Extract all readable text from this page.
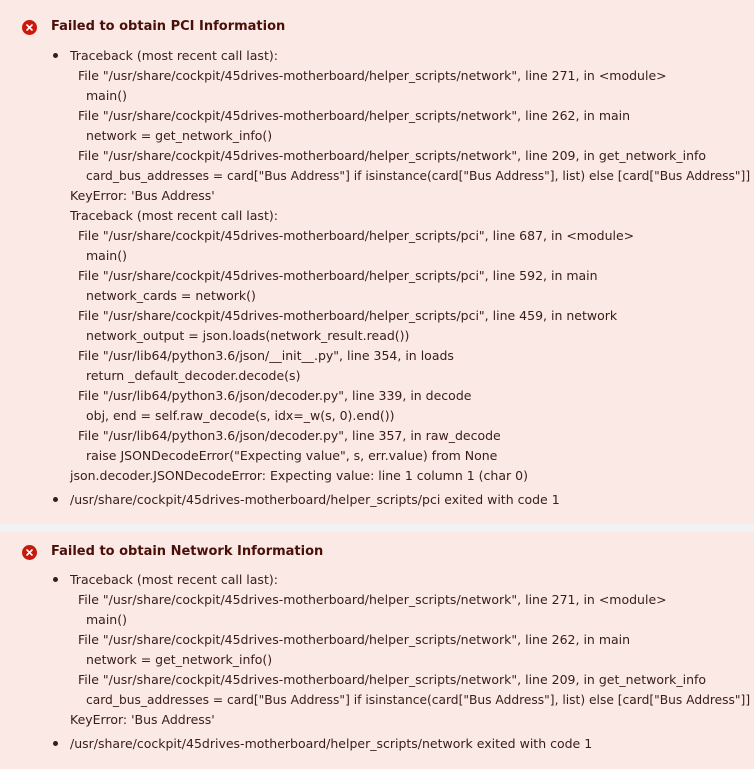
Failed to obtain PCI Information
Traceback (most recent call last):
File "/usr/share/cockpit/45drives-motherboard/helper_scripts/network", line 271, in <module>
main()
File "/usr/share/cockpit/45drives-motherboard/helper_scripts/network", line 262, in main
network = get_network_info()
File "/usr/share/cockpit/45drives-motherboard/helper_scripts/network", line 209, in get_network_info
card_bus_addresses = card["Bus Address"] if isinstance(card["Bus Address"], list) else [card["Bus Address"]]
KeyError: 'Bus Address'
Traceback (most recent call last):
File "/usr/share/cockpit/45drives-motherboard/helper_scripts/pci", line 687, in <module>
main()
File "/usr/share/cockpit/45drives-motherboard/helper_scripts/pci", line 592, in main
network_cards = network()
File "/usr/share/cockpit/45drives-motherboard/helper_scripts/pci", line 459, in network
network_output = json.loads(network_result.read())
File "/usr/lib64/python3.6/json/__init__.py", line 354, in loads
return _default_decoder.decode(s)
File "/usr/lib64/python3.6/json/decoder.py", line 339, in decode
obj, end = self.raw_decode(s, idx=_w(s, 0).end())
File "/usr/lib64/python3.6/json/decoder.py", line 357, in raw_decode
raise JSONDecodeError("Expecting value", s, err.value) from None
json.decoder.JSONDecodeError: Expecting value: line 1 column 1 (char 0)
/usr/share/cockpit/45drives-motherboard/helper_scripts/pci exited with code 1
Failed to obtain Network Information
Traceback (most recent call last):
File "/usr/share/cockpit/45drives-motherboard/helper_scripts/network", line 271, in <module>
main()
File "/usr/share/cockpit/45drives-motherboard/helper_scripts/network", line 262, in main
network = get_network_info()
File "/usr/share/cockpit/45drives-motherboard/helper_scripts/network", line 209, in get_network_info
card_bus_addresses = card["Bus Address"] if isinstance(card["Bus Address"], list) else [card["Bus Address"]]
KeyError: 'Bus Address'
/usr/share/cockpit/45drives-motherboard/helper_scripts/network exited with code 1
